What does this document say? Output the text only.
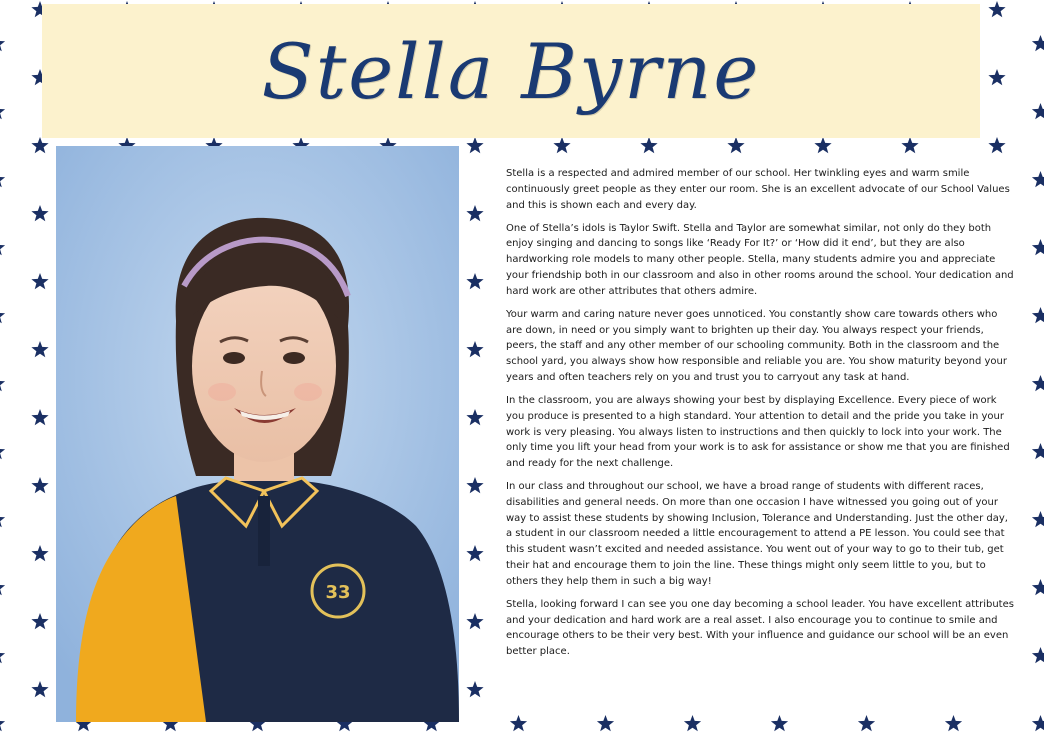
Stella Byrne
33

Stella is a respected and admired member of our school. Her twinkling eyes and warm smile continuously greet people as they enter our room. She is an excellent advocate of our School Values and this is shown each and every day.

One of Stella’s idols is Taylor Swift. Stella and Taylor are somewhat similar, not only do they both enjoy singing and dancing to songs like ‘Ready For It?’ or ‘How did it end’, but they are also hardworking role models to many other people. Stella, many students admire you and appreciate your friendship both in our classroom and also in other rooms around the school. Your dedication and hard work are other attributes that others admire.

Your warm and caring nature never goes unnoticed. You constantly show care towards others who are down, in need or you simply want to brighten up their day. You always respect your friends, peers, the staff and any other member of our schooling community. Both in the classroom and the school yard, you always show how responsible and reliable you are. You show maturity beyond your years and often teachers rely on you and trust you to carryout any task at hand.

In the classroom, you are always showing your best by displaying Excellence. Every piece of work you produce is presented to a high standard. Your attention to detail and the pride you take in your work is very pleasing. You always listen to instructions and then quickly to lock into your work. The only time you lift your head from your work is to ask for assistance or show me that you are finished and ready for the next challenge.

In our class and throughout our school, we have a broad range of students with different races, disabilities and general needs. On more than one occasion I have witnessed you going out of your way to assist these students by showing Inclusion, Tolerance and Understanding. Just the other day, a student in our classroom needed a little encouragement to attend a PE lesson. You could see that this student wasn’t excited and needed assistance. You went out of your way to go to their tub, get their hat and encourage them to join the line. These things might only seem little to you, but to others they help them in such a big way!

Stella, looking forward I can see you one day becoming a school leader. You have excellent attributes and your dedication and hard work are a real asset. I also encourage you to continue to smile and encourage others to be their very best. With your influence and guidance our school will be an even better place.
